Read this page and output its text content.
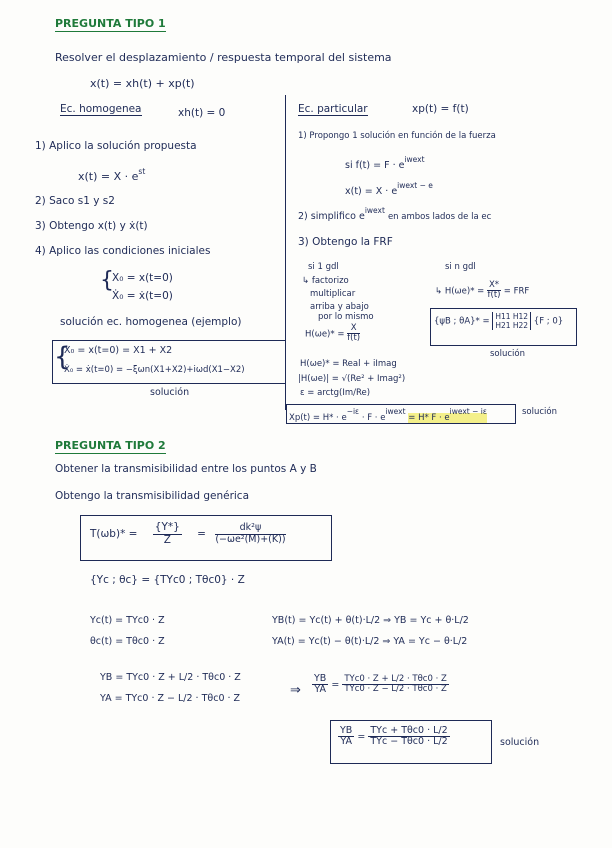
PREGUNTA TIPO 1
Resolver el desplazamiento / respuesta temporal del sistema
x(t) = xh(t) + xp(t)
Ec. homogenea	xh(t) = 0
1) Aplico la solución propuesta
$x(t) = X \cdot e^{st}$
2) Saco s1 y s2
3) Obtengo x(t) y ẋ(t)
4) Aplico las condiciones iniciales
{
X₀ = x(t=0)
Ẋ₀ = ẋ(t=0)
solución ec. homogenea (ejemplo)
{
X₀ = x(t=0) = X1 + X2
Ẋ₀ = ẋ(t=0) = −ξωn(X1+X2)+iωd(X1−X2)
solución
Ec. particular	xp(t) = f(t)
1) Propongo 1 solución en función de la fuerza
si $f(t) = F \cdot e^{iwext}$
$x(t) = X \cdot e^{iwext - e}$
2) simplifico $e^{iwext}$ en ambos lados de la ec
3) Obtengo la FRF
si 1 gdl
↳ factorizo
multiplicar
arriba y abajo
por lo mismo
$H(\omega e)* = \frac{X}{f(t)}$
H(ωe)* = Real + iImag
|H(ωe)| = √(Re² + Imag²)
ε = arctg(Im/Re)
si n gdl
↳ $H(\omega e)* = \frac{X*}{f(t)}$ = FRF
{ψB ; θA}* = H11 H12
H21 H22 {F ; 0}
solución
Xp(t) = H* · e−iε · F · eiwext = H* F · eiwext − iε	solución
PREGUNTA TIPO 2
Obtener la transmisibilidad entre los puntos A y B
Obtengo la transmisibilidad genérica
$T(\omega b)* = \frac{\{Y*\}}{Z} = \frac{\text{dk²ψ}}{\text{(−ωe²(M)+(K))}}$
{Yc ; θc} = {TYc0 ; Tθc0} · Z
Yc(t) = TYc0 · Z
θc(t) = Tθc0 · Z
YB(t) = Yc(t) + θ(t)·L/2 ⇒ YB = Yc + θ·L/2
YA(t) = Yc(t) − θ(t)·L/2 ⇒ YA = Yc − θ·L/2
YB = TYc0 · Z + L/2 · Tθc0 · Z
YA = TYc0 · Z − L/2 · Tθc0 · Z
⇒ $\frac{YB}{YA} = \frac{\text{TYc0 · Z + L/2 · Tθc0 · Z}}{\text{TYc0 · Z − L/2 · Tθc0 · Z}}$
$\frac{YB}{YA} = \frac{\text{TYc + Tθc0 · L/2}}{\text{TYc − Tθc0 · L/2}}$	solución
